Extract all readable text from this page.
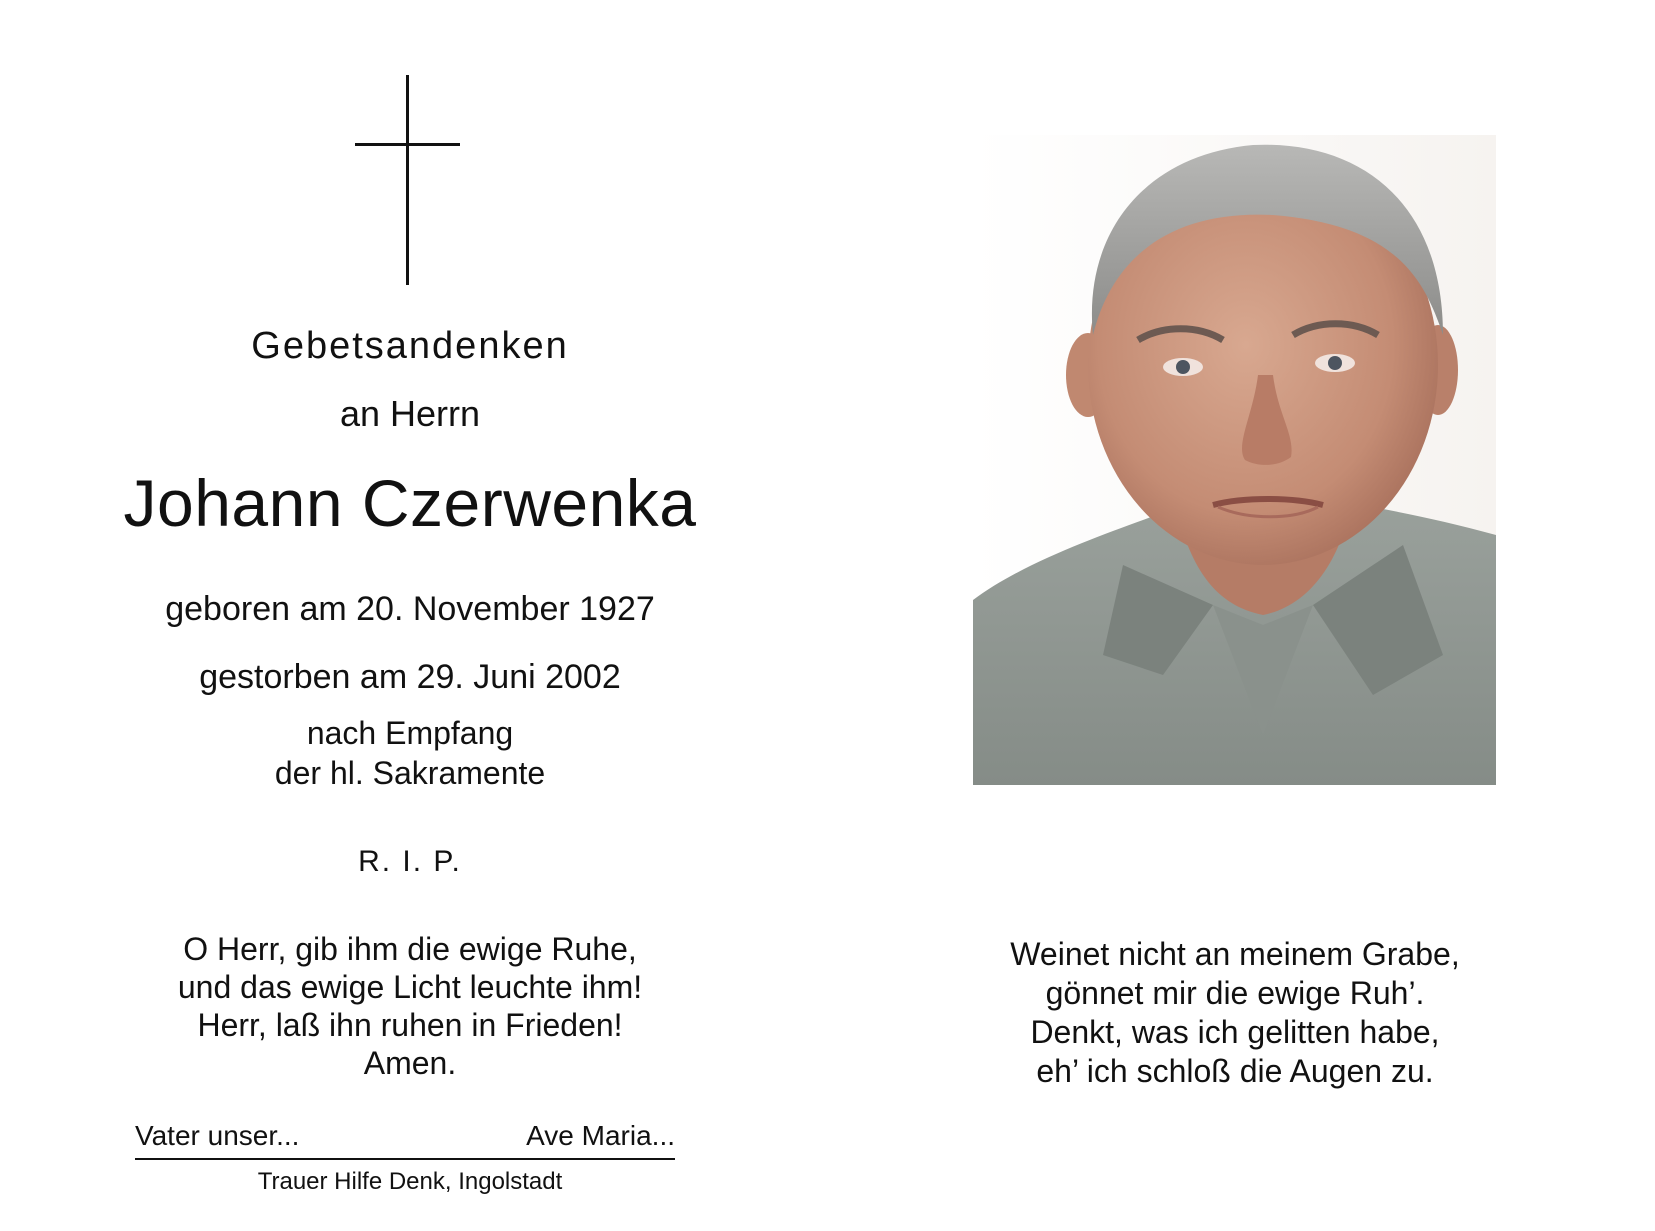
Gebetsandenken
an Herrn
Johann Czerwenka
geboren am 20. November 1927
gestorben am 29. Juni 2002
nach Empfang
der hl. Sakramente
R. I. P.
O Herr, gib ihm die ewige Ruhe,
und das ewige Licht leuchte ihm!
Herr, laß ihn ruhen in Frieden!
Amen.
Vater unser...	Ave Maria...
Trauer Hilfe Denk, Ingolstadt
Weinet nicht an meinem Grabe,
gönnet mir die ewige Ruh’.
Denkt, was ich gelitten habe,
eh’ ich schloß die Augen zu.
